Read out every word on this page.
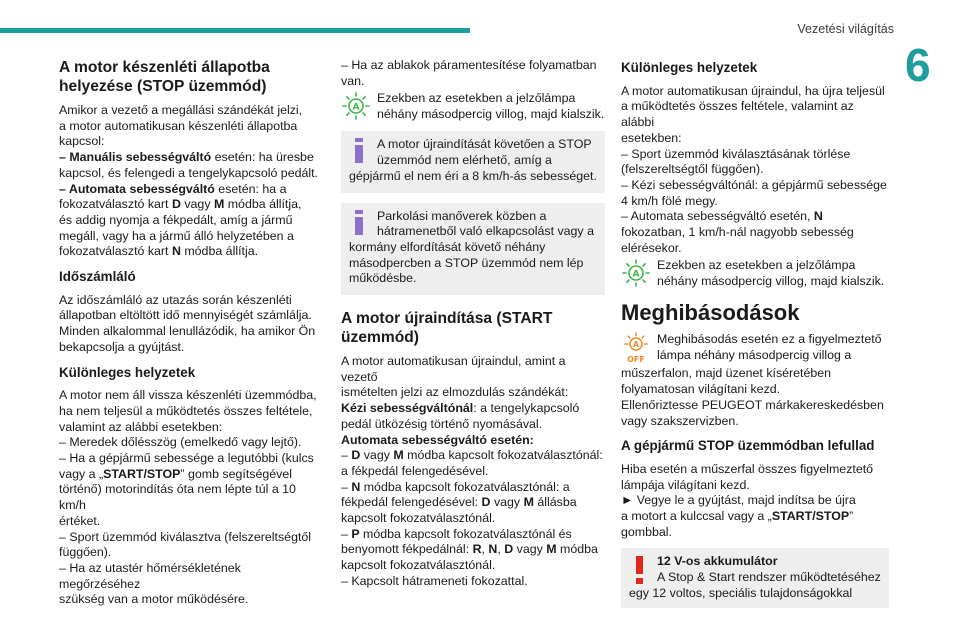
Vezetési világítás
6
A motor készenléti állapotba
helyezése (STOP üzemmód)

Amikor a vezető a megállási szándékát jelzi,
a motor automatikusan készenléti állapotba
kapcsol:
– Manuális sebességváltó esetén: ha üresbe
kapcsol, és felengedi a tengelykapcsoló pedált.
– Automata sebességváltó esetén: ha a
fokozatválasztó kart D vagy M módba állítja,
és addig nyomja a fékpedált, amíg a jármű
megáll, vagy ha a jármű álló helyzetében a
fokozatválasztó kart N módba állítja.

Időszámláló

Az időszámláló az utazás során készenléti
állapotban eltöltött idő mennyiségét számlálja.
Minden alkalommal lenullázódik, ha amikor Ön
bekapcsolja a gyújtást.

Különleges helyzetek

A motor nem áll vissza készenléti üzemmódba,
ha nem teljesül a működtetés összes feltétele,
valamint az alábbi esetekben:
– Meredek dőlésszög (emelkedő vagy lejtő).
– Ha a gépjármű sebessége a legutóbbi (kulcs
vagy a „START/STOP” gomb segítségével
történő) motorindítás óta nem lépte túl a 10 km/h
értéket.
– Sport üzemmód kiválasztva (felszereltségtől
függően).
– Ha az utastér hőmérsékletének megőrzéséhez
szükség van a motor működésére.

– Ha az ablakok páramentesítése folyamatban
van.

A
Ezekben az esetekben a jelzőlámpa
néhány másodpercig villog, majd kialszik.
A motor újraindítását követően a STOP
üzemmód nem elérhető, amíg a
gépjármű el nem éri a 8 km/h-ás sebességet.
Parkolási manőverek közben a
hátramenetből való elkapcsolást vagy a
kormány elfordítását követő néhány
másodpercben a STOP üzemmód nem lép
működésbe.
A motor újraindítása (START
üzemmód)

A motor automatikusan újraindul, amint a vezető
ismételten jelzi az elmozdulás szándékát:
Kézi sebességváltónál: a tengelykapcsoló
pedál ütközésig történő nyomásával.
Automata sebességváltó esetén:
– D vagy M módba kapcsolt fokozatválasztónál:
a fékpedál felengedésével.
– N módba kapcsolt fokozatválasztónál: a
fékpedál felengedésével: D vagy M állásba
kapcsolt fokozatválasztónál.
– P módba kapcsolt fokozatválasztónál és
benyomott fékpedálnál: R, N, D vagy M módba
kapcsolt fokozatválasztónál.
– Kapcsolt hátrameneti fokozattal.

Különleges helyzetek

A motor automatikusan újraindul, ha újra teljesül
a működtetés összes feltétele, valamint az alábbi
esetekben:
– Sport üzemmód kiválasztásának törlése
(felszereltségtől függően).
– Kézi sebességváltónál: a gépjármű sebessége
4 km/h fölé megy.
– Automata sebességváltó esetén, N
fokozatban, 1 km/h-nál nagyobb sebesség
elérésekor.

A
Ezekben az esetekben a jelzőlámpa
néhány másodpercig villog, majd kialszik.
Meghibásodások
A
OFF
Meghibásodás esetén ez a figyelmeztető
lámpa néhány másodpercig villog a

műszerfalon, majd üzenet kíséretében
folyamatosan világítani kezd.
Ellenőriztesse PEUGEOT márkakereskedésben
vagy szakszervizben.

A gépjármű STOP üzemmódban lefullad

Hiba esetén a műszerfal összes figyelmeztető
lámpája világítani kezd.
► Vegye le a gyújtást, majd indítsa be újra
a motort a kulccsal vagy a „START/STOP”
gombbal.

12 V-os akkumulátor
A Stop & Start rendszer működtetéséhez
egy 12 voltos, speciális tulajdonságokkal
